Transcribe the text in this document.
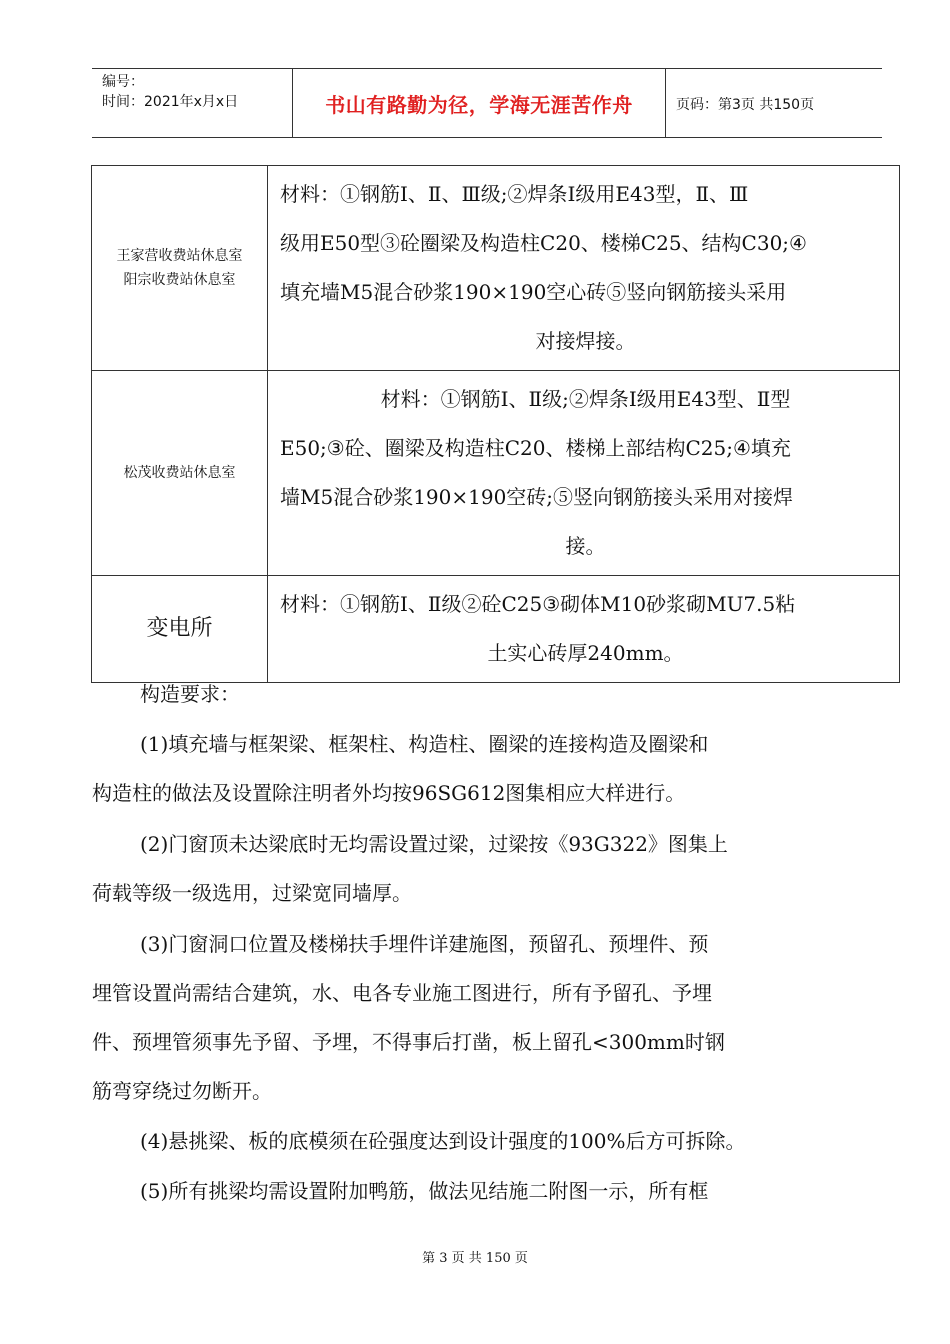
编号：
时间：2021年x月x日	书山有路勤为径，学海无涯苦作舟	页码：第3页 共150页
王家营收费站休息室
阳宗收费站休息室	材料：①钢筋Ⅰ、Ⅱ、Ⅲ级;②焊条Ⅰ级用E43型，Ⅱ、Ⅲ
级用E50型③砼圈梁及构造柱C20、楼梯C25、结构C30;④
填充墙M5混合砂浆190×190空心砖⑤竖向钢筋接头采用
对接焊接。

松茂收费站休息室	材料：①钢筋Ⅰ、Ⅱ级;②焊条Ⅰ级用E43型、Ⅱ型
E50;③砼、圈梁及构造柱C20、楼梯上部结构C25;④填充
墙M5混合砂浆190×190空砖;⑤竖向钢筋接头采用对接焊
接。

变电所	材料：①钢筋Ⅰ、Ⅱ级②砼C25③砌体M10砂浆砌MU7.5粘
土实心砖厚240mm。
构造要求：
(1)填充墙与框架梁、框架柱、构造柱、圈梁的连接构造及圈梁和
构造柱的做法及设置除注明者外均按96SG612图集相应大样进行。
(2)门窗顶未达梁底时无均需设置过梁，过梁按《93G322》图集上
荷载等级一级选用，过梁宽同墙厚。
(3)门窗洞口位置及楼梯扶手埋件详建施图，预留孔、预埋件、预
埋管设置尚需结合建筑，水、电各专业施工图进行，所有予留孔、予埋
件、预埋管须事先予留、予埋，不得事后打凿，板上留孔<300mm时钢
筋弯穿绕过勿断开。
(4)悬挑梁、板的底模须在砼强度达到设计强度的100%后方可拆除。
(5)所有挑梁均需设置附加鸭筋，做法见结施二附图一示，所有框
第 3 页 共 150 页
